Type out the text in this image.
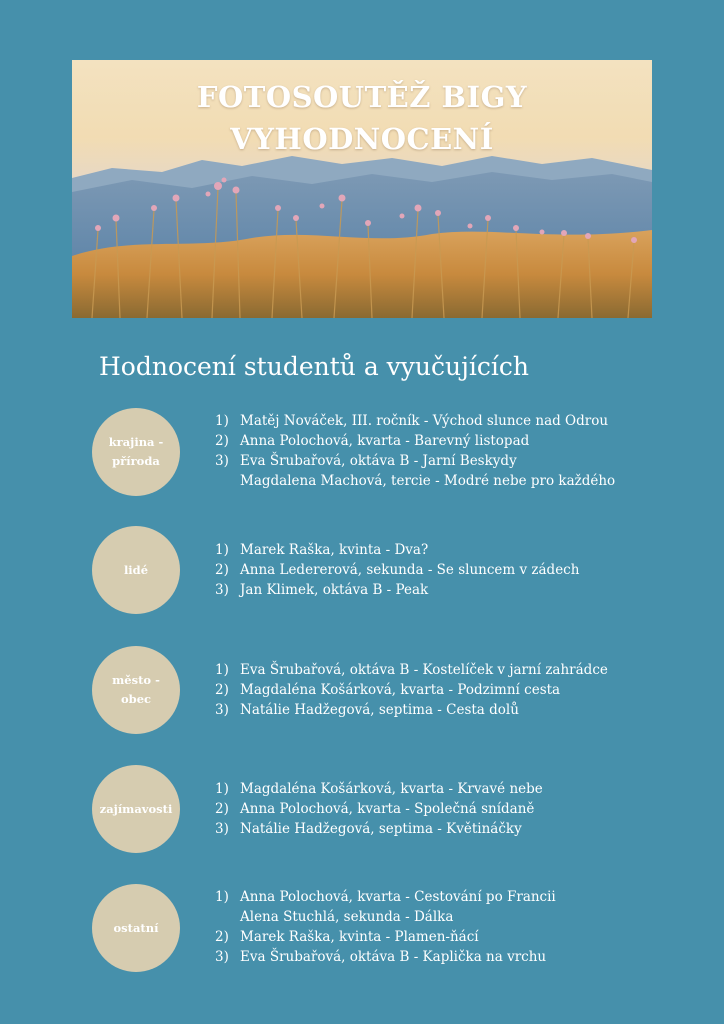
FOTOSOUTĚŽ BIGY
VYHODNOCENÍ
Hodnocení studentů a vyučujících
krajina -
příroda
1) Matěj Nováček, III. ročník - Východ slunce nad Odrou
2) Anna Polochová, kvarta - Barevný listopad
3) Eva Šrubařová, oktáva B - Jarní Beskydy
Magdalena Machová, tercie - Modré nebe pro každého
lidé
1) Marek Raška, kvinta - Dva?
2) Anna Ledererová, sekunda - Se sluncem v zádech
3) Jan Klimek, oktáva B - Peak
město -
obec
1) Eva Šrubařová, oktáva B - Kostelíček v jarní zahrádce
2) Magdaléna Košárková, kvarta - Podzimní cesta
3) Natálie Hadžegová, septima - Cesta dolů
zajímavosti
1) Magdaléna Košárková, kvarta - Krvavé nebe
2) Anna Polochová, kvarta - Společná snídaně
3) Natálie Hadžegová, septima - Květináčky
ostatní
1) Anna Polochová, kvarta - Cestování po Francii
Alena Stuchlá, sekunda - Dálka
2) Marek Raška, kvinta - Plamen-ňácí
3) Eva Šrubařová, oktáva B - Kaplička na vrchu
